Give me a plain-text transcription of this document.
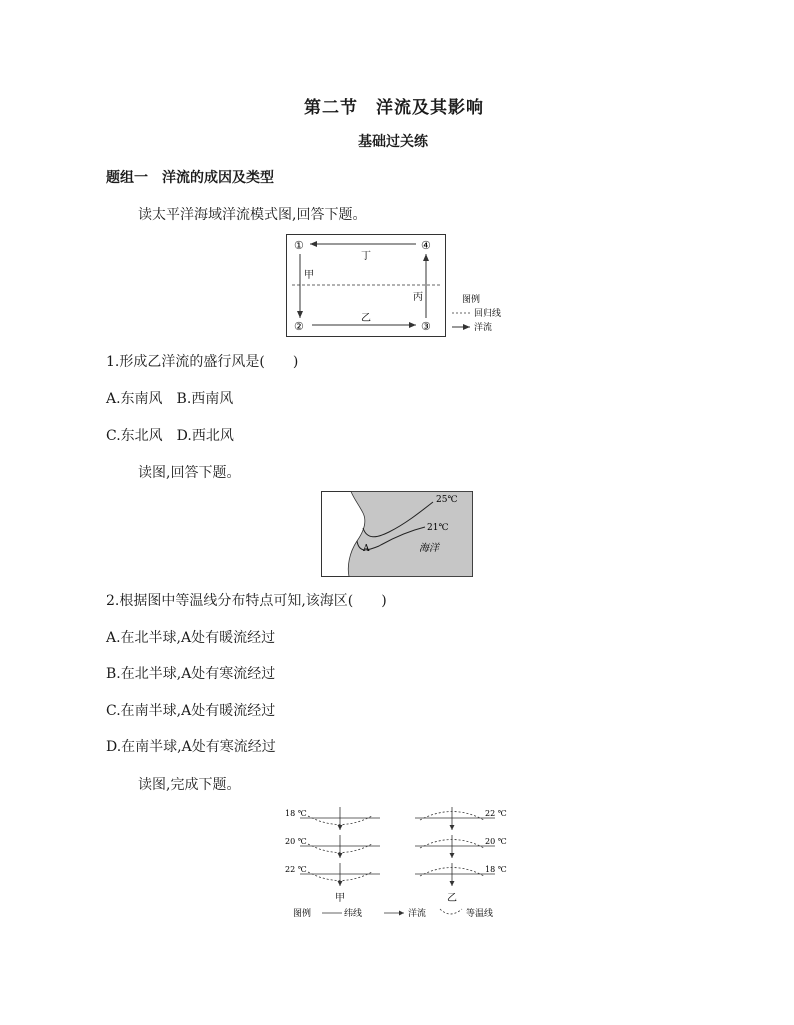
第二节　洋流及其影响
基础过关练
题组一　洋流的成因及类型
读太平洋海域洋流模式图,回答下题。
①	④
②	③
丁
甲
丙
乙
图例
回归线
洋流
1.形成乙洋流的盛行风是(　　)
A.东南风　B.西南风
C.东北风　D.西北风
读图,回答下题。
25℃
21℃
A	海洋
2.根据图中等温线分布特点可知,该海区(　　)
A.在北半球,A处有暖流经过
B.在北半球,A处有寒流经过
C.在南半球,A处有暖流经过
D.在南半球,A处有寒流经过
读图,完成下题。
18 ℃
20 ℃
22 ℃
甲
22 ℃
20 ℃
18 ℃
乙
图例	纬线	洋流	等温线
